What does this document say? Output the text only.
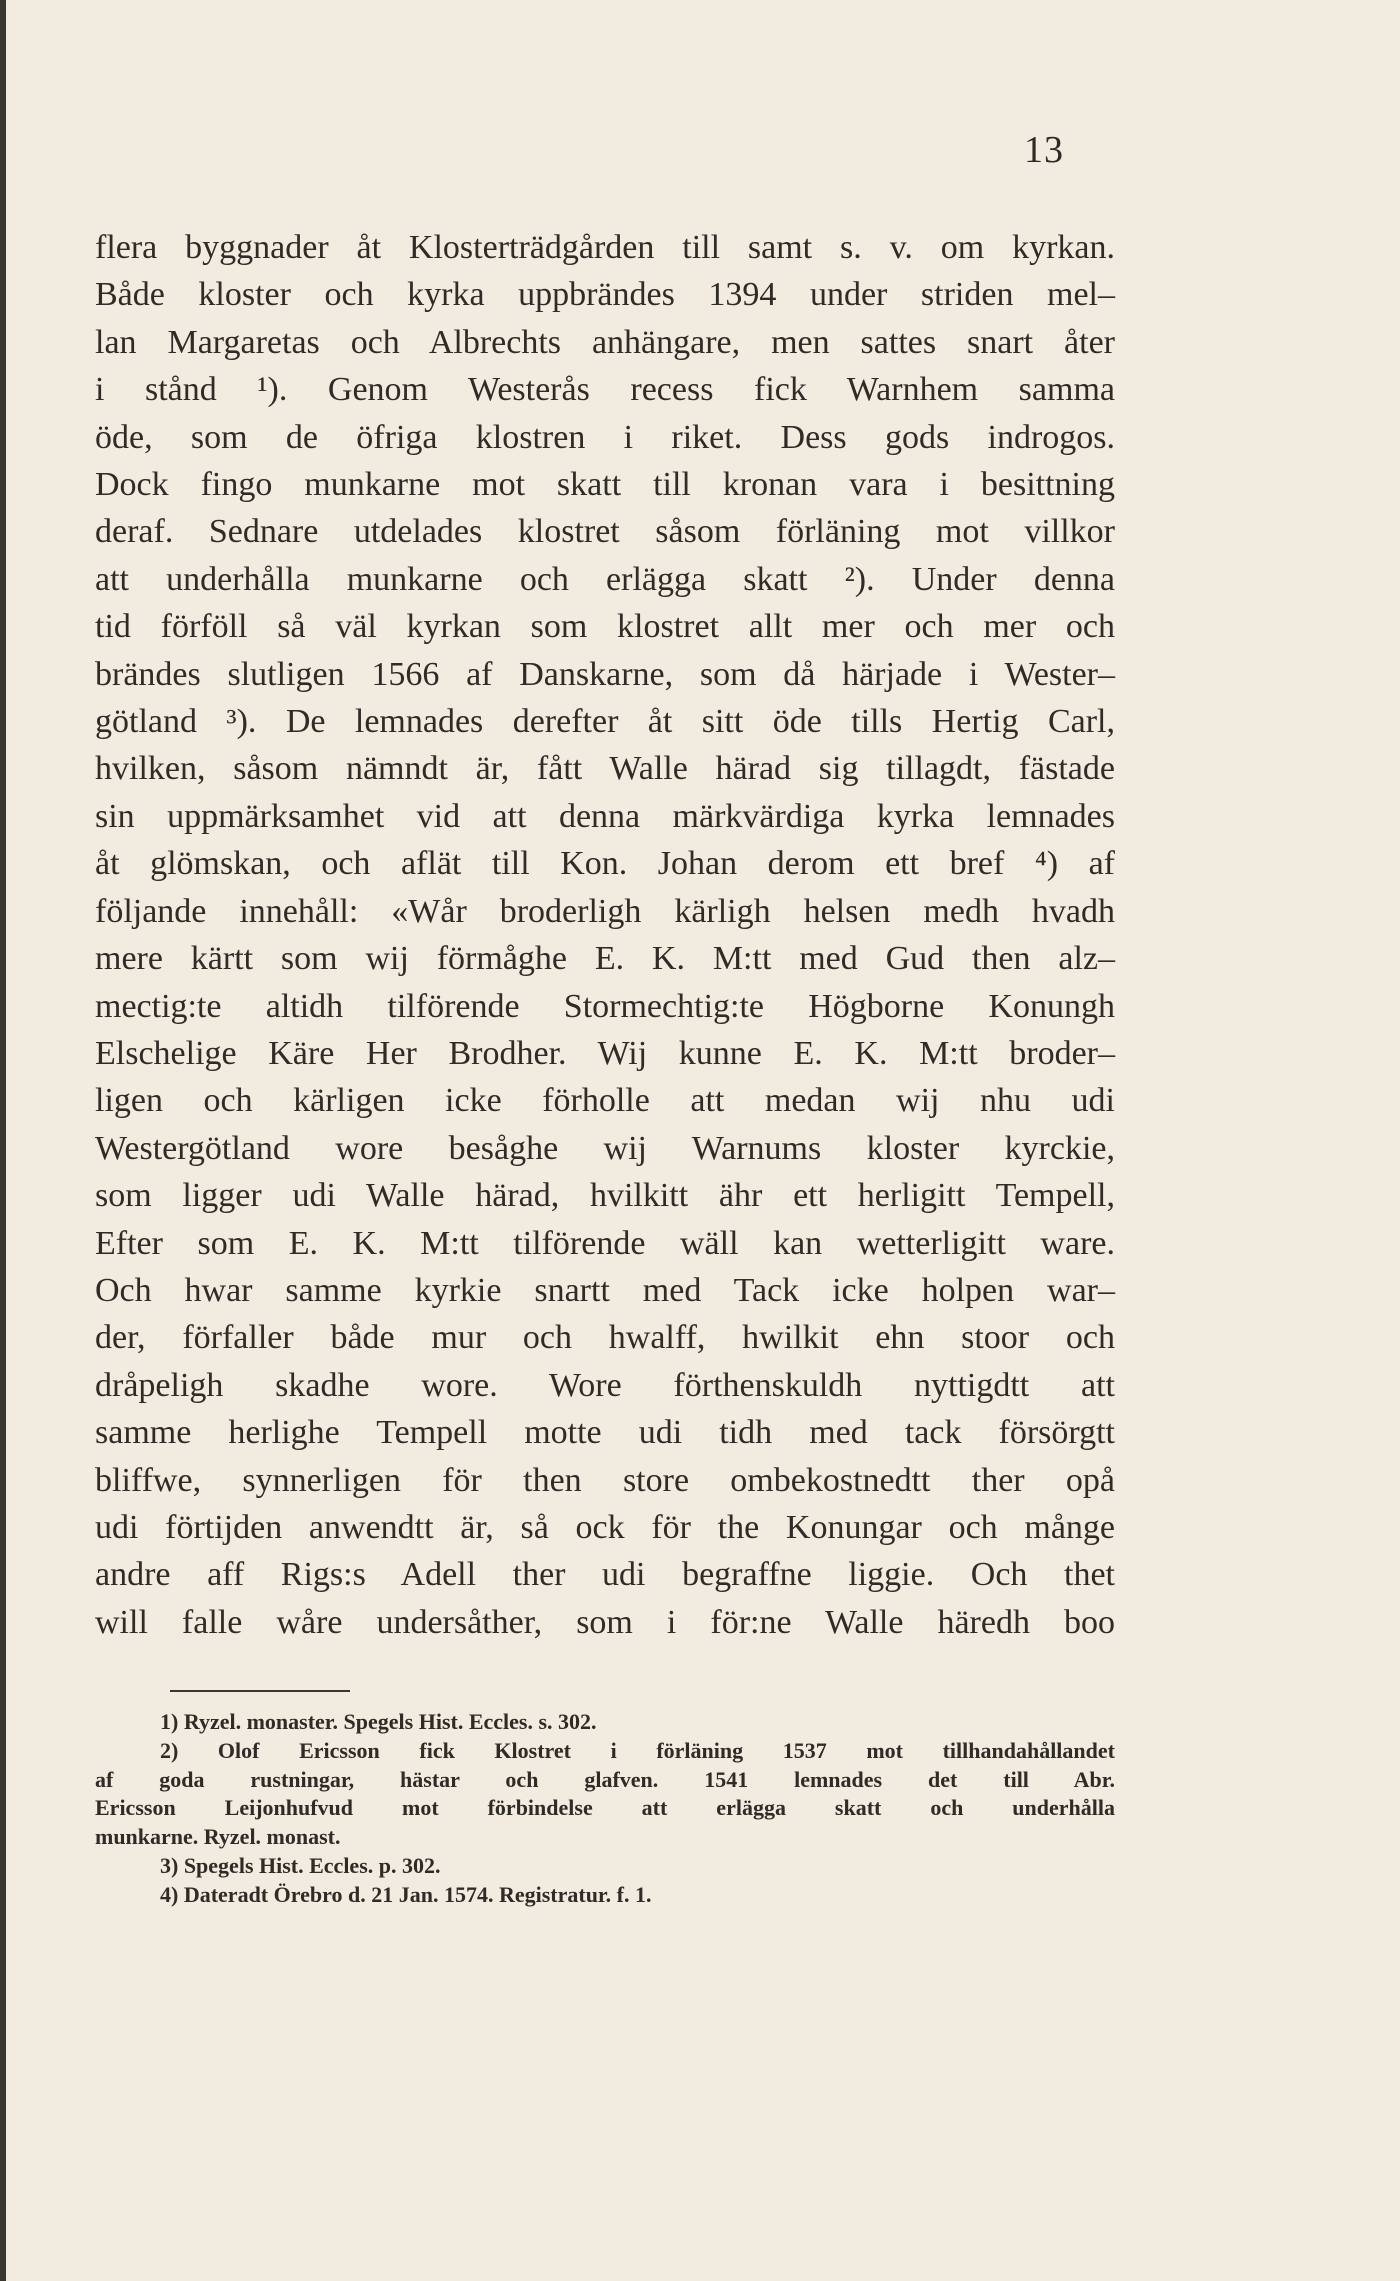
13
flera byggnader åt Klosterträdgården till samt s. v. om kyrkan.
Både kloster och kyrka uppbrändes 1394 under striden mel–
lan Margaretas och Albrechts anhängare, men sattes snart åter
i stånd ¹). Genom Westerås recess fick Warnhem samma
öde, som de öfriga klostren i riket. Dess gods indrogos.
Dock fingo munkarne mot skatt till kronan vara i besittning
deraf. Sednare utdelades klostret såsom förläning mot villkor
att underhålla munkarne och erlägga skatt ²). Under denna
tid förföll så väl kyrkan som klostret allt mer och mer och
brändes slutligen 1566 af Danskarne, som då härjade i Wester–
götland ³). De lemnades derefter åt sitt öde tills Hertig Carl,
hvilken, såsom nämndt är, fått Walle härad sig tillagdt, fästade
sin uppmärksamhet vid att denna märkvärdiga kyrka lemnades
åt glömskan, och aflät till Kon. Johan derom ett bref ⁴) af
följande innehåll: «Wår broderligh kärligh helsen medh hvadh
mere kärtt som wij förmåghe E. K. M:tt med Gud then alz–
mectig:te altidh tilförende Stormechtig:te Högborne Konungh
Elschelige Käre Her Brodher. Wij kunne E. K. M:tt broder–
ligen och kärligen icke förholle att medan wij nhu udi
Westergötland wore besåghe wij Warnums kloster kyrckie,
som ligger udi Walle härad, hvilkitt ähr ett herligitt Tempell,
Efter som E. K. M:tt tilförende wäll kan wetterligitt ware.
Och hwar samme kyrkie snartt med Tack icke holpen war–
der, förfaller både mur och hwalff, hwilkit ehn stoor och
dråpeligh skadhe wore. Wore förthenskuldh nyttigdtt att
samme herlighe Tempell motte udi tidh med tack försörgtt
bliffwe, synnerligen för then store ombekostnedtt ther opå
udi förtijden anwendtt är, så ock för the Konungar och månge
andre aff Rigs:s Adell ther udi begraffne liggie. Och thet
will falle wåre undersåther, som i för:ne Walle häredh boo
1) Ryzel. monaster. Spegels Hist. Eccles. s. 302.
2) Olof Ericsson fick Klostret i förläning 1537 mot tillhandahållandet
af goda rustningar, hästar och glafven. 1541 lemnades det till Abr.
Ericsson Leijonhufvud mot förbindelse att erlägga skatt och underhålla
munkarne. Ryzel. monast.
3) Spegels Hist. Eccles. p. 302.
4) Dateradt Örebro d. 21 Jan. 1574. Registratur. f. 1.
